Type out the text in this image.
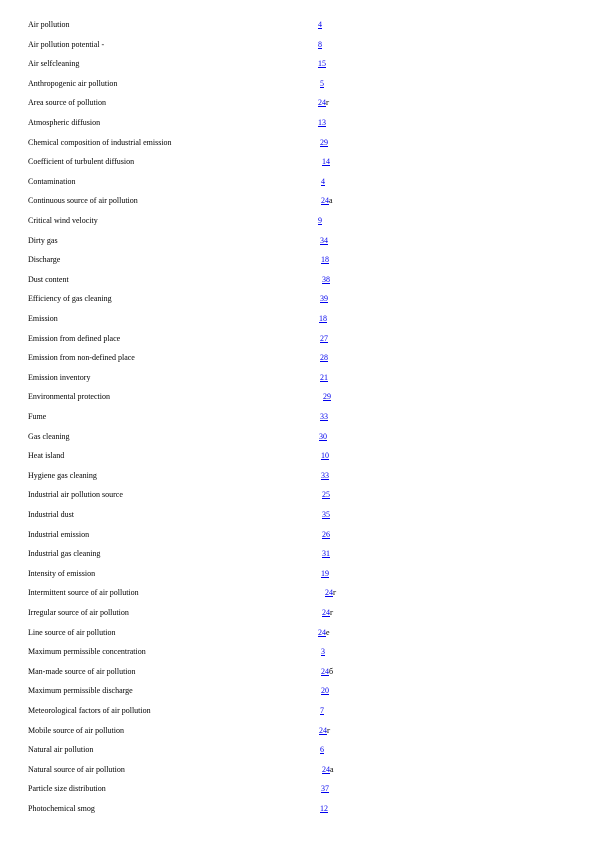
Air pollution	4
Air pollution potential -	8
Air selfcleaning	15
Anthropogenic air pollution	5
Area source of pollution	24г
Atmospheric diffusion	13
Chemical composition of industrial emission	29
Coefficient of turbulent diffusion	14
Contamination	4
Continuous source of air pollution	24a
Critical wind velocity	9
Dirty gas	34
Discharge	18
Dust content	38
Efficiency of gas cleaning	39
Emission	18
Emission from defined place	27
Emission from non-defined place	28
Emission inventory	21
Environmental protection	29
Fume	33
Gas cleaning	30
Heat island	10
Hygiene gas cleaning	33
Industrial air pollution source	25
Industrial dust	35
Industrial emission	26
Industrial gas cleaning	31
Intensity of emission	19
Intermittent source of air pollution	24г
Irregular source of air pollution	24г
Line source of air pollution	24e
Maximum permissible concentration	3
Man-made source of air pollution	24б
Maximum permissible discharge	20
Meteorological factors of air pollution	7
Mobile source of air pollution	24г
Natural air pollution	6
Natural source of air pollution	24a
Particle size distribution	37
Photochemical smog	12
